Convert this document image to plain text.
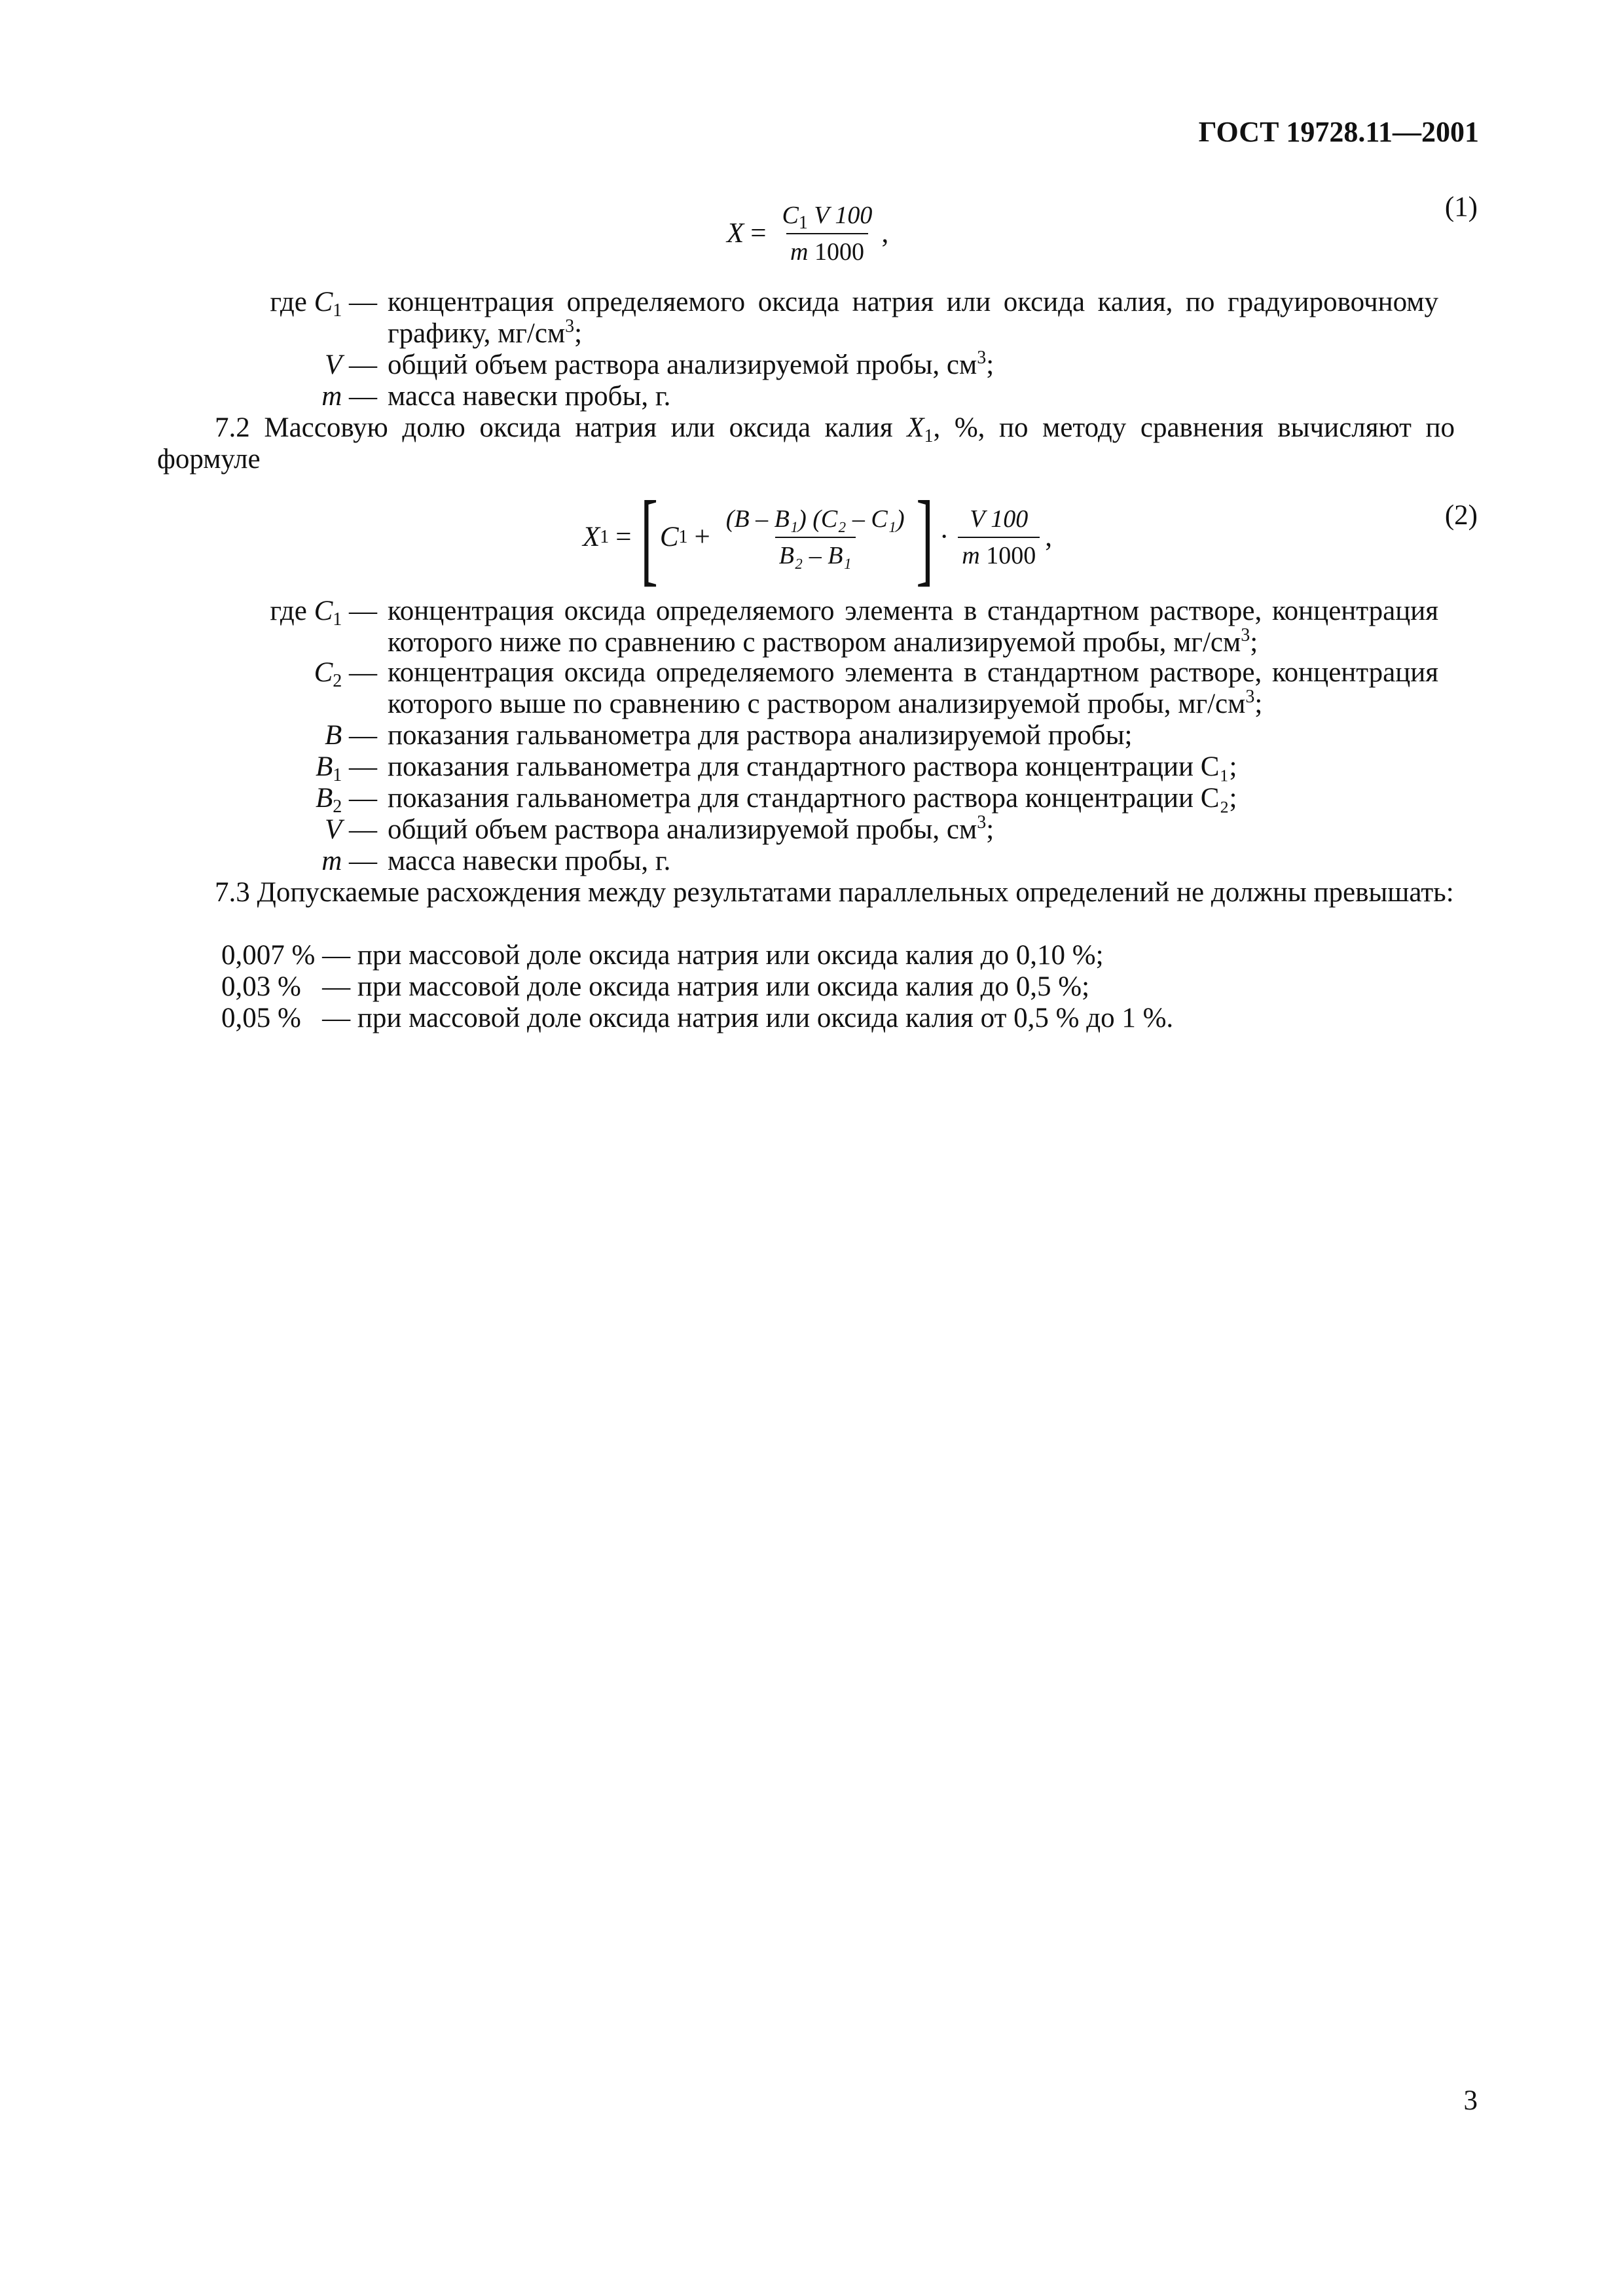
ГОСТ 19728.11—2001
$X = \frac{C_1 V 100}{m 1000}$ ,
(1)
где $C_1$ — концентрация определяемого оксида натрия или оксида калия, по градуировочному графику, $мг/см^3$;
V — общий объем раствора анализируемой пробы, $см^3$;
m — масса навески пробы, г.
7.2 Массовую долю оксида натрия или оксида калия $X_1$, %, по методу сравнения вычисляют по формуле
X 1 = [ C $1 + \frac{\text{(B – B₁) (C₂ – C₁)}}{\text{B₂ – B₁}}$ ] · $\frac{V 100}{m 1000}$ ,
(2)
где $C_1$ — концентрация оксида определяемого элемента в стандартном растворе, концентрация которого ниже по сравнению с раствором анализируемой пробы, $мг/см^3$;
$C_2$ — концентрация оксида определяемого элемента в стандартном растворе, концентрация которого выше по сравнению с раствором анализируемой пробы, $мг/см^3$;
B — показания гальванометра для раствора анализируемой пробы;
$B_1$ — показания гальванометра для стандартного раствора концентрации C₁;
$B_2$ — показания гальванометра для стандартного раствора концентрации C₂;
V — общий объем раствора анализируемой пробы, $см^3$;
m — масса навески пробы, г.
7.3 Допускаемые расхождения между результатами параллельных определений не должны превышать:
0,007 % — при массовой доле оксида натрия или оксида калия до 0,10 %;
0,03 %   — при массовой доле оксида натрия или оксида калия до 0,5 %;
0,05 %   — при массовой доле оксида натрия или оксида калия от 0,5 % до 1 %.
3
